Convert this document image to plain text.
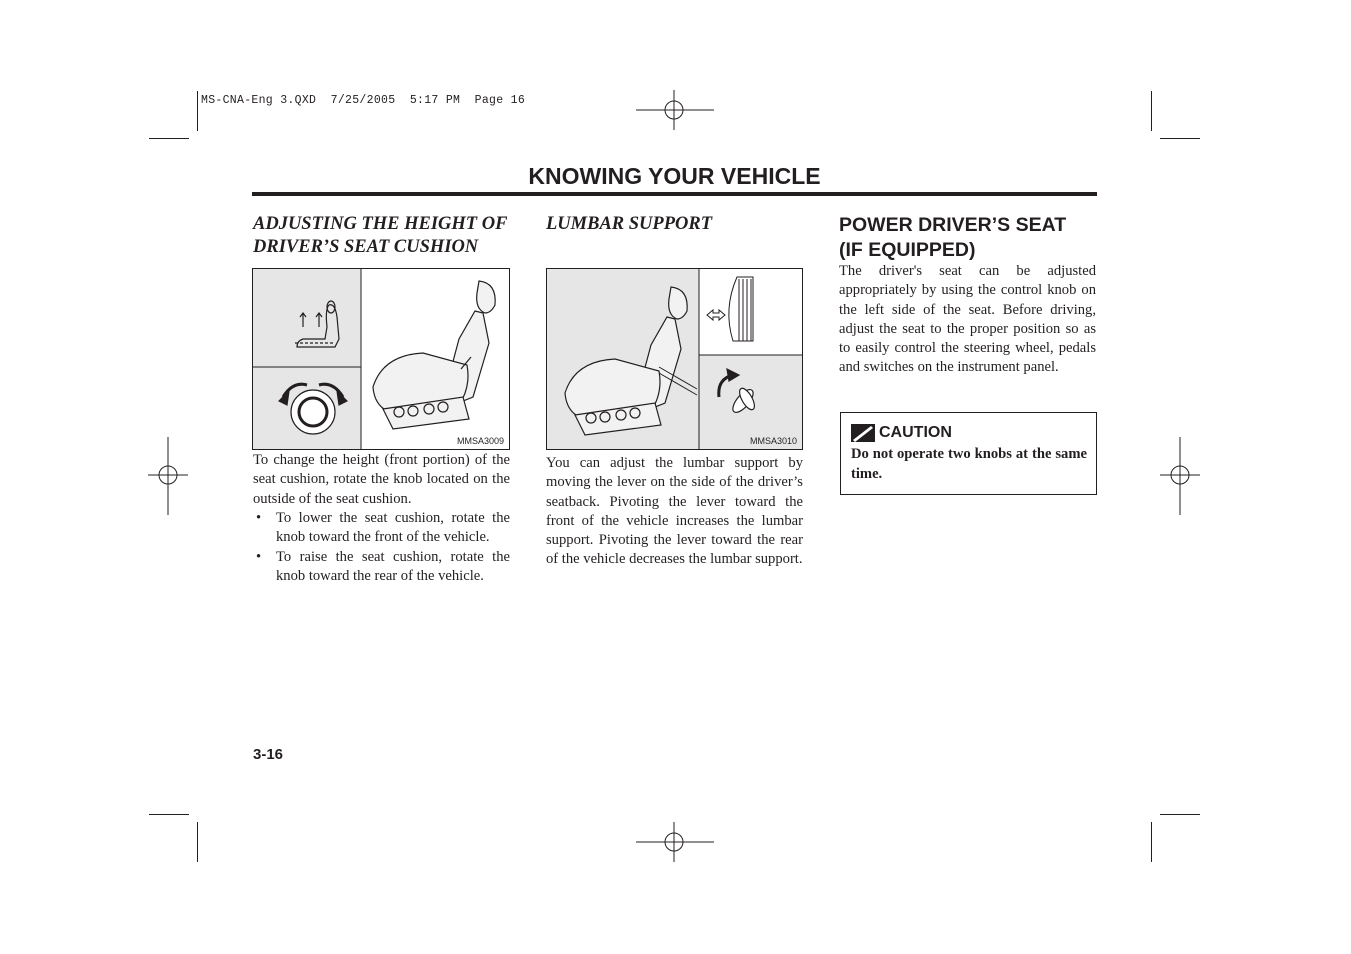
MS-CNA-Eng 3.QXD  7/25/2005  5:17 PM  Page 16
KNOWING YOUR VEHICLE
ADJUSTING THE HEIGHT OF DRIVER’S SEAT CUSHION
MMSA3009
To change the height (front portion) of the seat cushion, rotate the knob located on the outside of the seat cushion.
• To lower the seat cushion, rotate the knob toward the front of the vehicle.
• To raise the seat cushion, rotate the knob toward the rear of the vehicle.
LUMBAR SUPPORT
MMSA3010
You can adjust the lumbar support by moving the lever on the side of the driver’s seatback. Pivoting the lever toward the front of the vehicle increases the lumbar support. Pivoting the lever toward the rear of the vehicle decreases the lumbar support.
POWER DRIVER’S SEAT
(IF EQUIPPED)
The driver's seat can be adjusted appropriately by using the control knob on the left side of the seat. Before driving, adjust the seat to the proper position so as to easily control the steering wheel, pedals and switches on the instrument panel.
CAUTION
Do not operate two knobs at the same time.
3-16
